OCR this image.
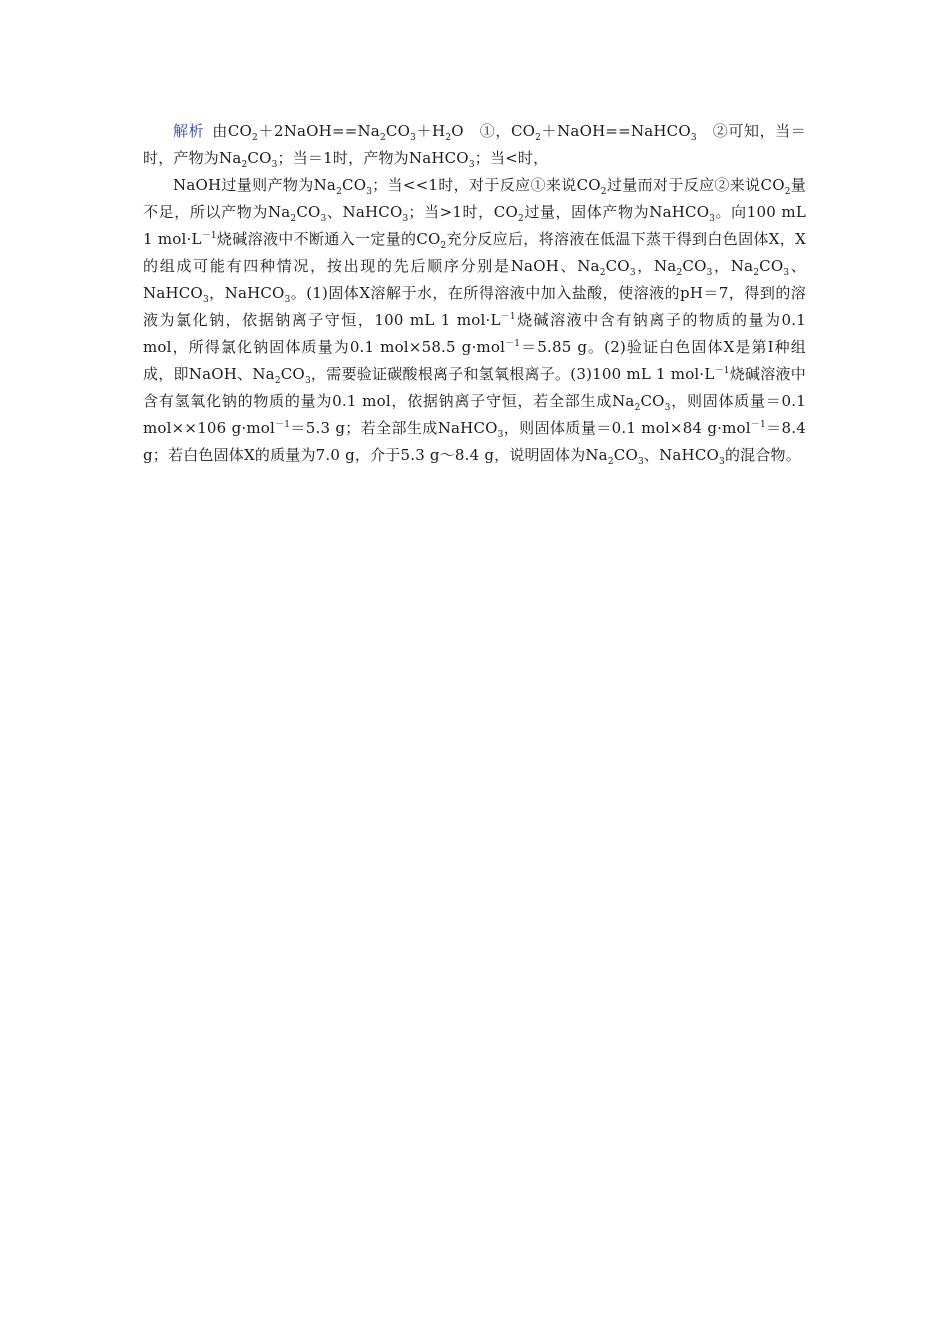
解析 由$CO_2+2NaOH==Na_2CO_3+H_2O$　①，$CO_2+NaOH==NaHCO_3$　②可知，当＝时，产物为$Na_2CO_3$；当＝1时，产物为NaHCO$_3$；当<时，

NaOH过量则产物为$Na_2CO_3$；当<<1时，对于反应①来说$CO_2$过量而对于反应②来说$CO_2$量不足，所以产物为$Na_2CO_3$、NaHCO$_3$；当>1时，$CO_2$过量，固体产物为NaHCO$_3$。向100 mL 1 $mol\cdot L^{-1}$烧碱溶液中不断通入一定量的$CO_2$充分反应后，将溶液在低温下蒸干得到白色固体X，X的组成可能有四种情况，按出现的先后顺序分别是NaOH、$Na_2CO_3$，$Na_2CO_3$，$Na_2CO_3$、NaHCO$_3$，NaHCO$_3$。(1)固体X溶解于水，在所得溶液中加入盐酸，使溶液的pH＝7，得到的溶液为氯化钠，依据钠离子守恒，100 mL 1 $mol\cdot L^{-1}$烧碱溶液中含有钠离子的物质的量为0.1 mol，所得氯化钠固体质量为0.1 mol×58.5 g·mol$^{-1}$＝5.85 g。(2)验证白色固体X是第Ⅰ种组成，即NaOH、$Na_2CO_3$，需要验证碳酸根离子和氢氧根离子。(3)100 mL 1 $mol\cdot L^{-1}$烧碱溶液中含有氢氧化钠的物质的量为0.1 mol，依据钠离子守恒，若全部生成$Na_2CO_3$，则固体质量＝0.1 mol××106 g·mol$^{-1}$＝5.3 g；若全部生成NaHCO$_3$，则固体质量＝0.1 mol×84 g·mol$^{-1}$＝8.4 g；若白色固体X的质量为7.0 g，介于5.3 g～8.4 g，说明固体为$Na_2CO_3$、NaHCO$_3$的混合物。
